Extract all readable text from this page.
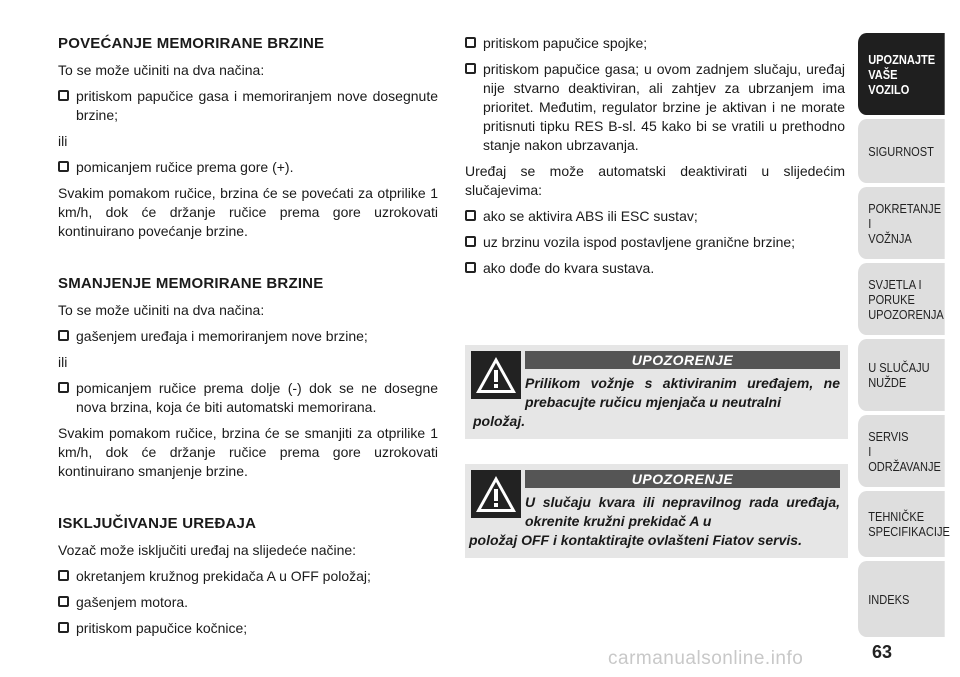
POVEĆANJE MEMORIRANE BRZINE

To se može učiniti na dva načina:

pritiskom papučice gasa i memoriranjem nove dosegnute brzine;

ili

pomicanjem ručice prema gore (+).

Svakim pomakom ručice, brzina će se povećati za otprilike 1 km/h, dok će držanje ručice prema gore uzrokovati kontinuirano povećanje brzine.

SMANJENJE MEMORIRANE BRZINE

To se može učiniti na dva načina:

gašenjem uređaja i memoriranjem nove brzine;

ili

pomicanjem ručice prema dolje (-) dok se ne dosegne nova brzina, koja će biti automatski memorirana.

Svakim pomakom ručice, brzina će se smanjiti za otprilike 1 km/h, dok će držanje ručice prema gore uzrokovati kontinuirano smanjenje brzine.

ISKLJUČIVANJE UREĐAJA

Vozač može isključiti uređaj na slijedeće načine:

okretanjem kružnog prekidača A u OFF položaj;
gašenjem motora.
pritiskom papučice kočnice;
pritiskom papučice spojke;
pritiskom papučice gasa; u ovom zadnjem slučaju, uređaj nije stvarno deaktiviran, ali zahtjev za ubrzanjem ima prioritet. Međutim, regulator brzine je aktivan i ne morate pritisnuti tipku RES B-sl. 45 kako bi se vratili u prethodno stanje nakon ubrzavanja.

Uređaj se može automatski deaktivirati u slijedećim slučajevima:

ako se aktivira ABS ili ESC sustav;
uz brzinu vozila ispod postavljene granične brzine;
ako dođe do kvara sustava.
UPOZORENJE
Prilikom vožnje s aktiviranim uređajem, ne prebacujte ručicu mjenjača u neutralni
položaj.
UPOZORENJE
U slučaju kvara ili nepravilnog rada uređaja, okrenite kružni prekidač A u
položaj OFF i kontaktirajte ovlašteni Fiatov servis.
UPOZNAJTE
VAŠE
VOZILO
SIGURNOST
POKRETANJE
I
VOŽNJA
SVJETLA I
PORUKE
UPOZORENJA
U SLUČAJU
NUŽDE
SERVIS
I
ODRŽAVANJE
TEHNIČKE
SPECIFIKACIJE
INDEKS
63
carmanualsonline.info
